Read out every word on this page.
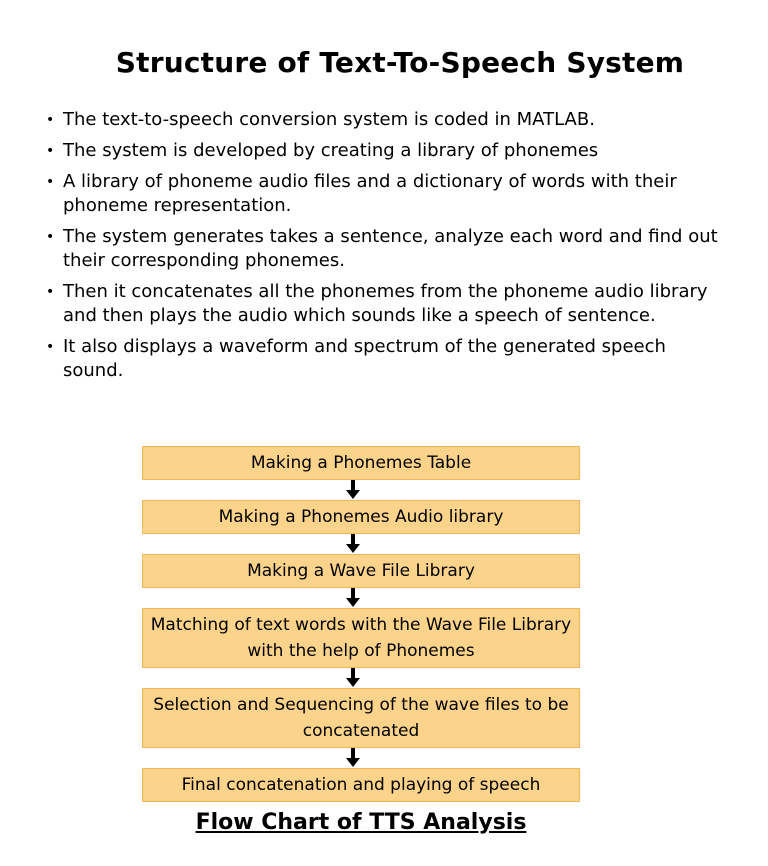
Structure of Text-To-Speech System
• The text-to-speech conversion system is coded in MATLAB.
• The system is developed by creating a library of phonemes
• A library of phoneme audio files and a dictionary of words with their phoneme representation.
• The system generates takes a sentence, analyze each word and find out their corresponding phonemes.
• Then it concatenates all the phonemes from the phoneme audio library and then plays the audio which sounds like a speech of sentence.
• It also displays a waveform and spectrum of the generated speech sound.
Making a Phonemes Table
Making a Phonemes Audio library
Making a Wave File Library
Matching of text words with the Wave File Library with the help of Phonemes
Selection and Sequencing of the wave files to be concatenated
Final concatenation and playing of speech

Flow Chart of TTS Analysis
